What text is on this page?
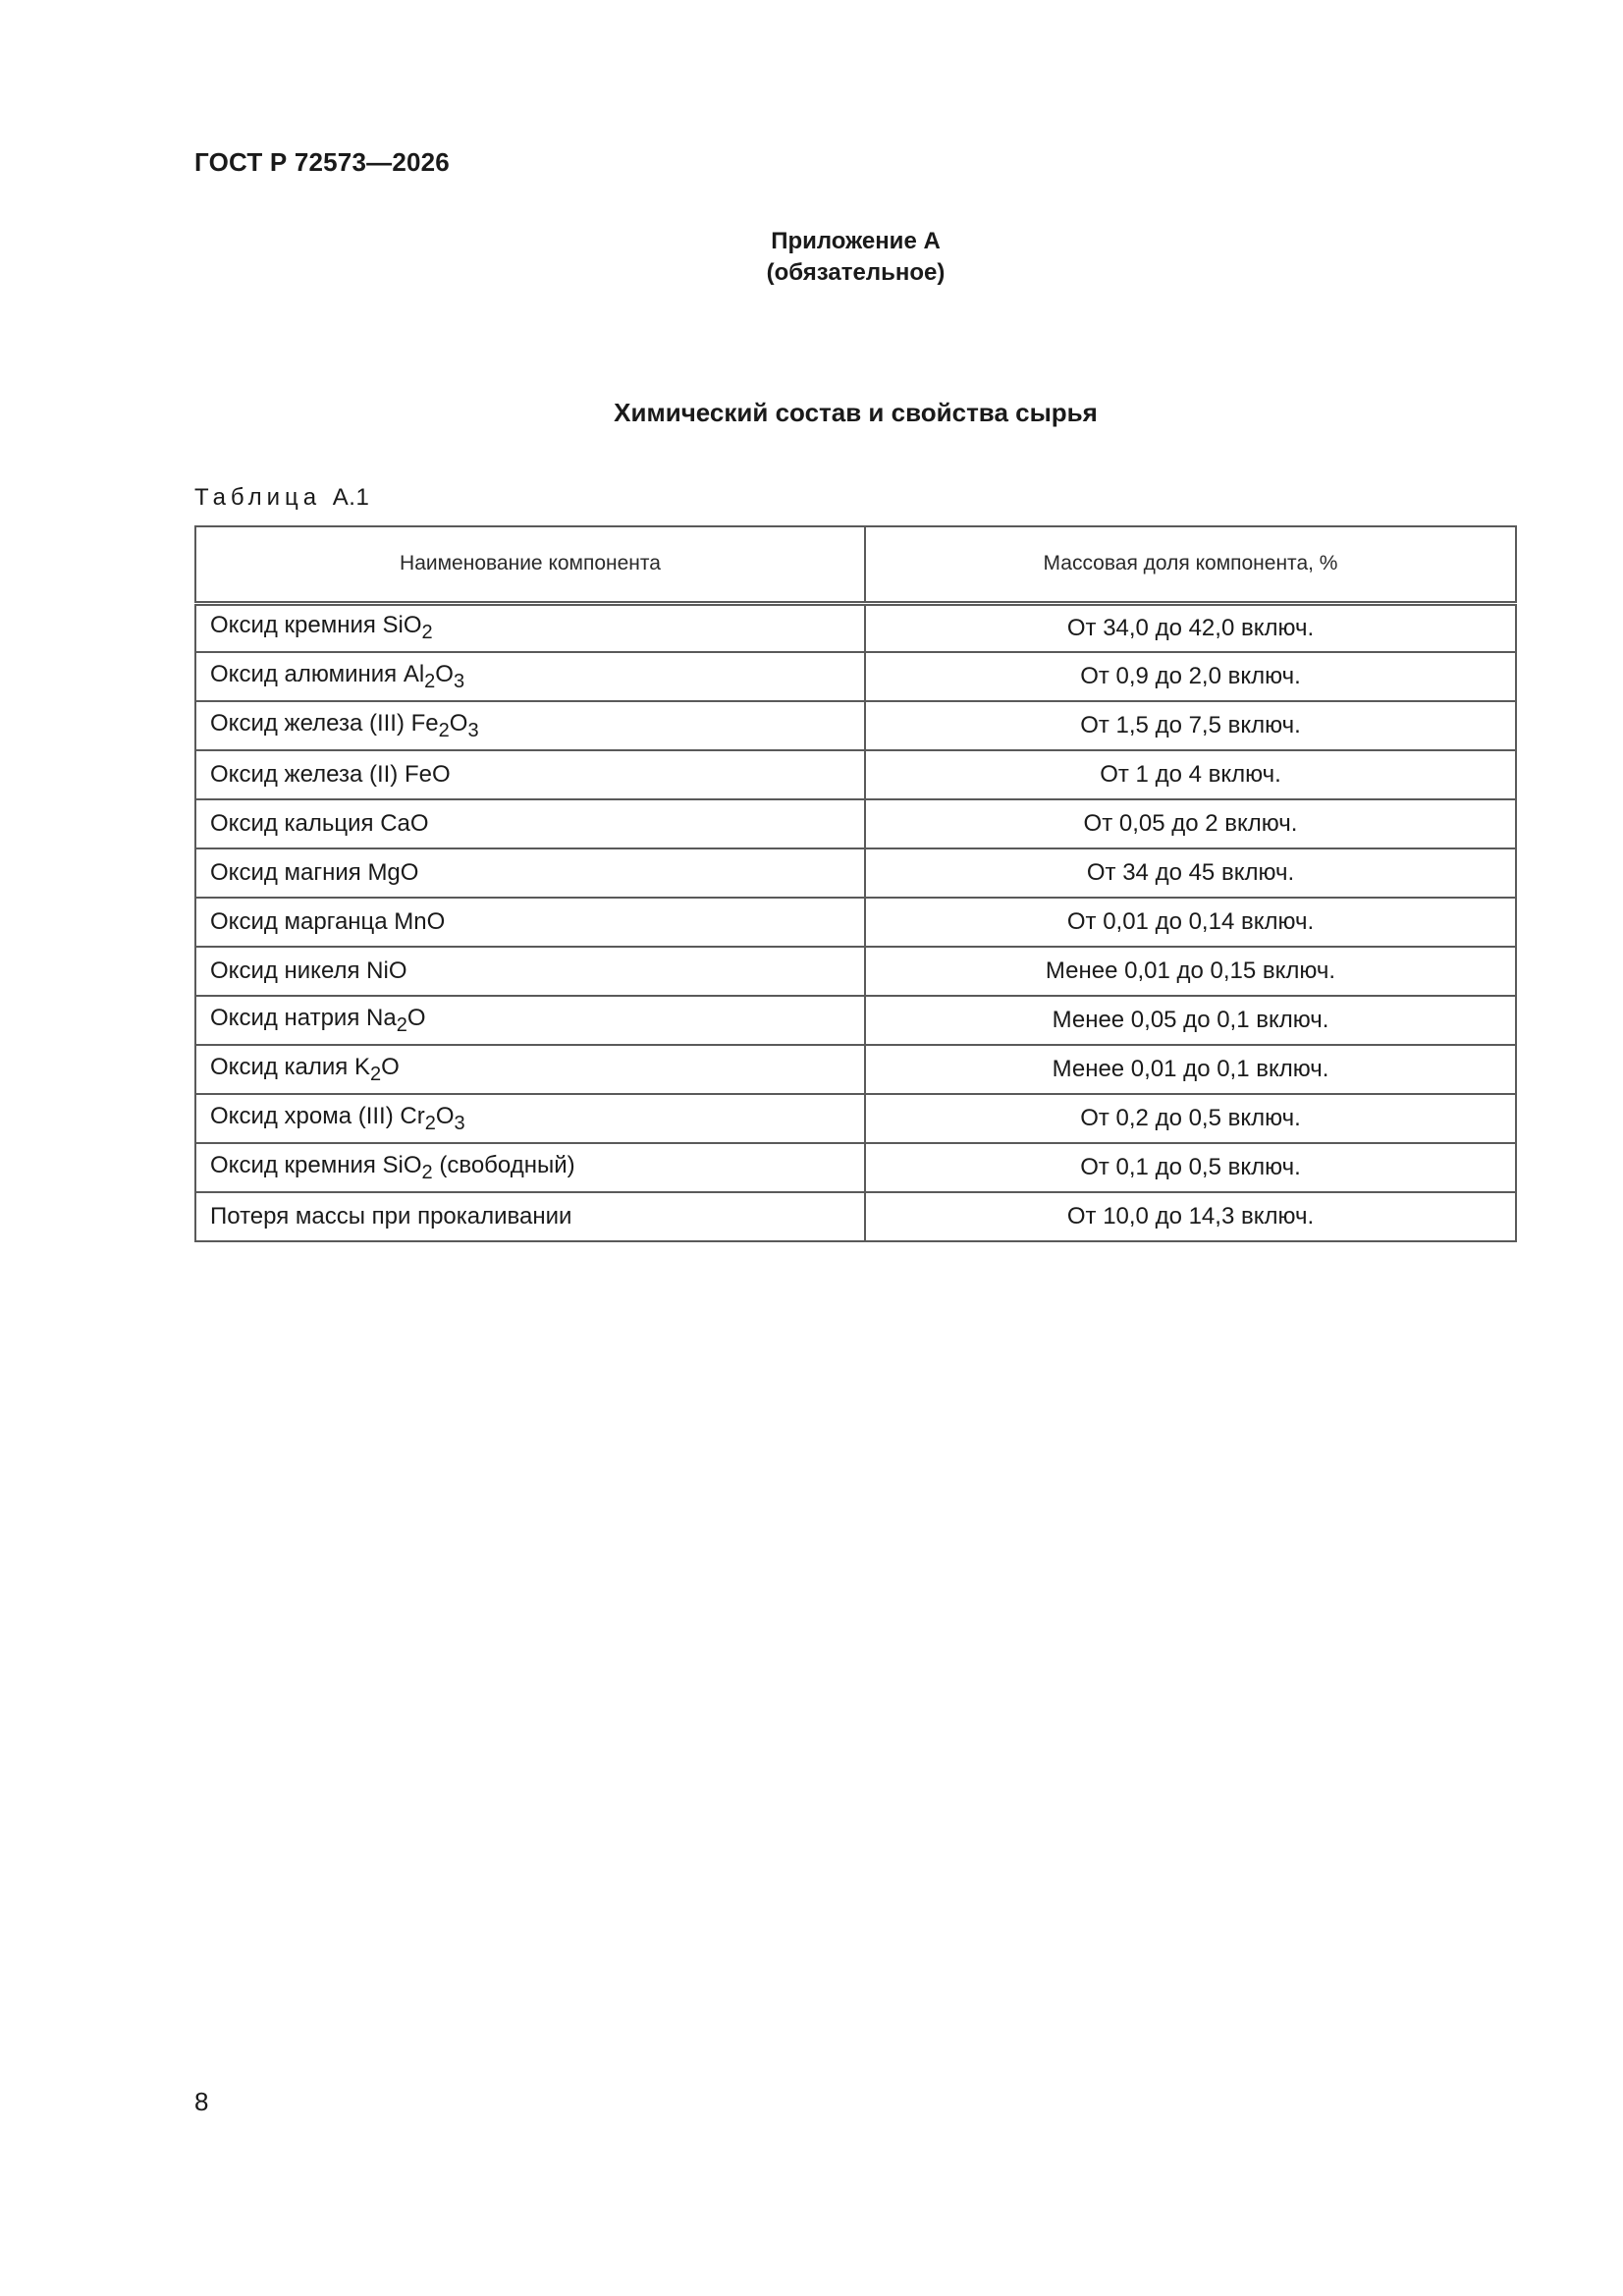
ГОСТ Р 72573—2026
Приложение А
(обязательное)
Химический состав и свойства сырья
Таблица А.1
Наименование компонента	Массовая доля компонента, %
Оксид кремния SiO$_2$	От 34,0 до 42,0 включ.
Оксид алюминия $Al_2O_3$	От 0,9 до 2,0 включ.
Оксид железа (III) $Fe_2O_3$	От 1,5 до 7,5 включ.
Оксид железа (II) FeO	От 1 до 4 включ.
Оксид кальция CaO	От 0,05 до 2 включ.
Оксид магния MgO	От 34 до 45 включ.
Оксид марганца MnO	От 0,01 до 0,14 включ.
Оксид никеля NiO	Менее 0,01 до 0,15 включ.
Оксид натрия $Na_2O$	Менее 0,05 до 0,1 включ.
Оксид калия $K_2O$	Менее 0,01 до 0,1 включ.
Оксид хрома (III) $Cr_2O_3$	От 0,2 до 0,5 включ.
Оксид кремния SiO$_2$ (свободный)	От 0,1 до 0,5 включ.
Потеря массы при прокаливании	От 10,0 до 14,3 включ.
8
